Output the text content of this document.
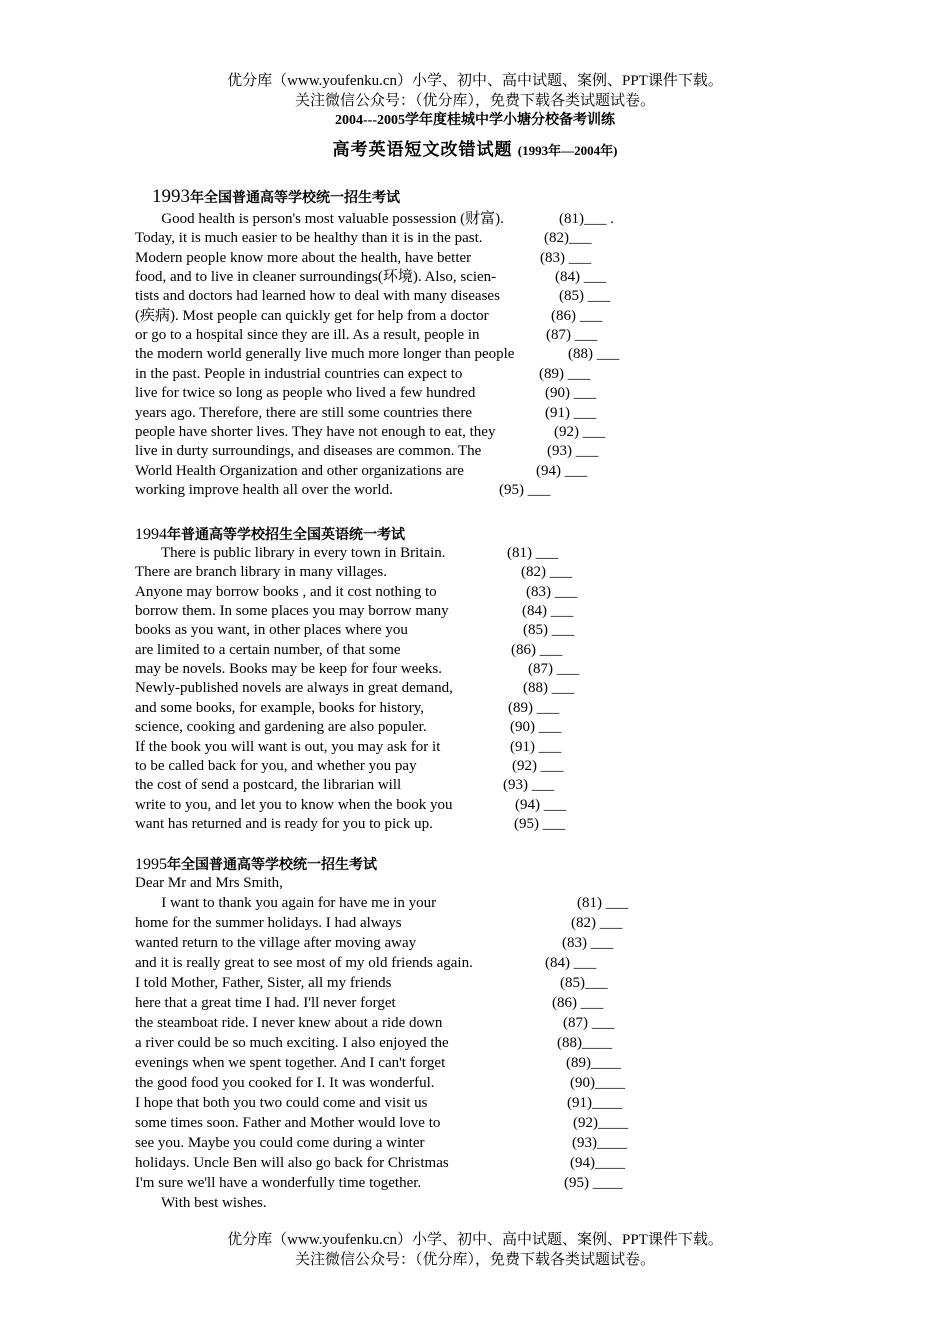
优分库（www.youfenku.cn）小学、初中、高中试题、案例、PPT课件下载。
关注微信公众号：（优分库），免费下载各类试题试卷。
2004---2005学年度桂城中学小塘分校备考训练
高考英语短文改错试题 (1993年—2004年)
1993年全国普通高等学校统一招生考试
Good health is person's most valuable possession (财富).	(81)___ .
Today, it is much easier to be healthy than it is in the past.	(82)___
Modern people know more about the health, have better	(83) ___
food, and to live in cleaner surroundings(环境). Also, scien-	(84) ___
tists and doctors had learned how to deal with many diseases	(85) ___
(疾病). Most people can quickly get for help from a doctor	(86) ___
or go to a hospital since they are ill. As a result, people in	(87) ___
the modern world generally live much more longer than people	(88) ___
in the past. People in industrial countries can expect to	(89) ___
live for twice so long as people who lived a few hundred	(90) ___
years ago. Therefore, there are still some countries there	(91) ___
people have shorter lives. They have not enough to eat, they	(92) ___
live in durty surroundings, and diseases are common. The	(93) ___
World Health Organization and other organizations are	(94) ___
working improve health all over the world.	(95) ___
1994年普通高等学校招生全国英语统一考试
There is public library in every town in Britain.	(81) ___
There are branch library in many villages.	(82) ___
Anyone may borrow books , and it cost nothing to	(83) ___
borrow them. In some places you may borrow many	(84) ___
books as you want, in other places where you	(85) ___
are limited to a certain number, of that some	(86) ___
may be novels. Books may be keep for four weeks.	(87) ___
Newly-published novels are always in great demand,	(88) ___
and some books, for example, books for history,	(89) ___
science, cooking and gardening are also populer.	(90) ___
If the book you will want is out, you may ask for it	(91) ___
to be called back for you, and whether you pay	(92) ___
the cost of send a postcard, the librarian will	(93) ___
write to you, and let you to know when the book you	(94) ___
want has returned and is ready for you to pick up.	(95) ___
1995年全国普通高等学校统一招生考试
Dear Mr and Mrs Smith,
I want to thank you again for have me in your	(81) ___
home for the summer holidays. I had always	(82) ___
wanted return to the village after moving away	(83) ___
and it is really great to see most of my old friends again.	(84) ___
I told Mother, Father, Sister, all my friends	(85)___
here that a great time I had. I'll never forget	(86) ___
the steamboat ride. I never knew about a ride down	(87) ___
a river could be so much exciting. I also enjoyed the	(88)____
evenings when we spent together. And I can't forget	(89)____
the good food you cooked for I. It was wonderful.	(90)____
I hope that both you two could come and visit us	(91)____
some times soon. Father and Mother would love to	(92)____
see you. Maybe you could come during a winter	(93)____
holidays. Uncle Ben will also go back for Christmas	(94)____
I'm sure we'll have a wonderfully time together.	(95) ____
With best wishes.
优分库（www.youfenku.cn）小学、初中、高中试题、案例、PPT课件下载。
关注微信公众号：（优分库），免费下载各类试题试卷。
